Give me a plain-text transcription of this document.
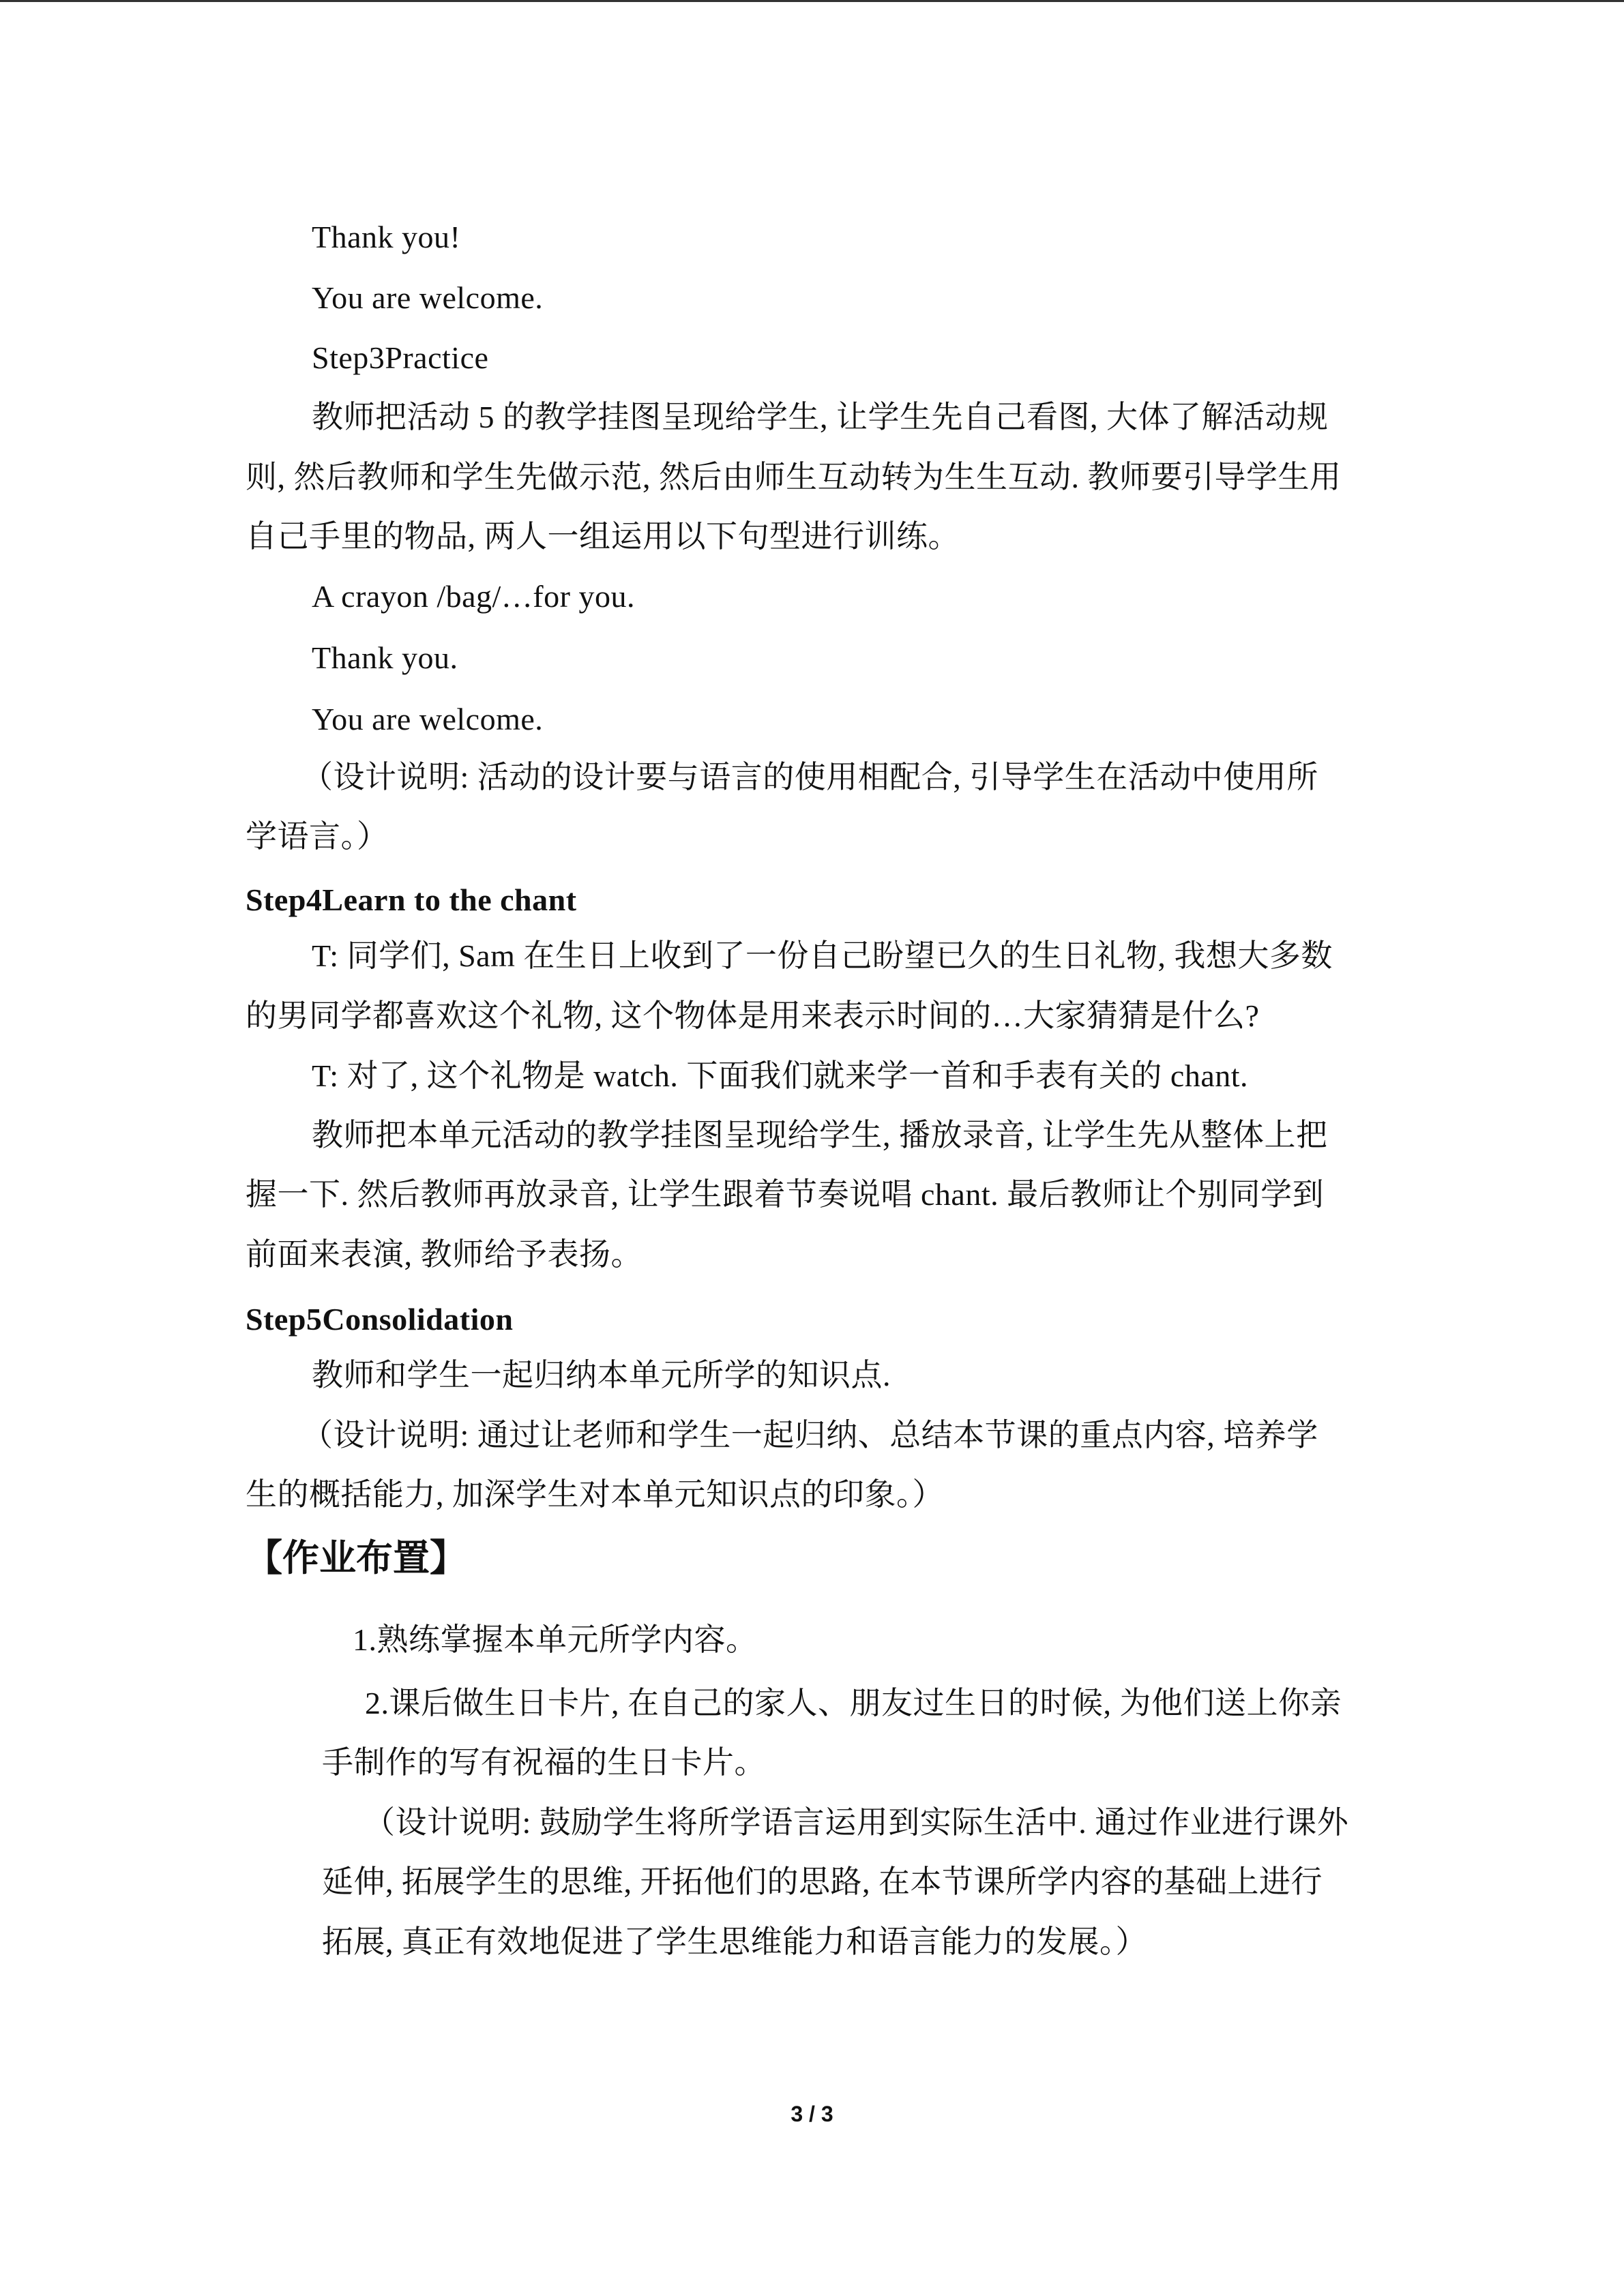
Thank you!
You are welcome.
Step3Practice
教师把活动 5 的教学挂图呈现给学生, 让学生先自己看图, 大体了解活动规
则, 然后教师和学生先做示范, 然后由师生互动转为生生互动. 教师要引导学生用
自己手里的物品, 两人一组运用以下句型进行训练。
A crayon /bag/…for you.
Thank you.
You are welcome.
（设计说明: 活动的设计要与语言的使用相配合, 引导学生在活动中使用所
学语言。）
Step4Learn to the chant
T: 同学们, Sam 在生日上收到了一份自己盼望已久的生日礼物, 我想大多数
的男同学都喜欢这个礼物, 这个物体是用来表示时间的…大家猜猜是什么?
T: 对了, 这个礼物是 watch. 下面我们就来学一首和手表有关的 chant.
教师把本单元活动的教学挂图呈现给学生, 播放录音, 让学生先从整体上把
握一下. 然后教师再放录音, 让学生跟着节奏说唱 chant. 最后教师让个别同学到
前面来表演, 教师给予表扬。
Step5Consolidation
教师和学生一起归纳本单元所学的知识点.
（设计说明: 通过让老师和学生一起归纳、总结本节课的重点内容, 培养学
生的概括能力, 加深学生对本单元知识点的印象。）
【作业布置】
1.熟练掌握本单元所学内容。
2.课后做生日卡片, 在自己的家人、朋友过生日的时候, 为他们送上你亲
手制作的写有祝福的生日卡片。
（设计说明: 鼓励学生将所学语言运用到实际生活中. 通过作业进行课外
延伸, 拓展学生的思维, 开拓他们的思路, 在本节课所学内容的基础上进行
拓展, 真正有效地促进了学生思维能力和语言能力的发展。）
3 / 3
